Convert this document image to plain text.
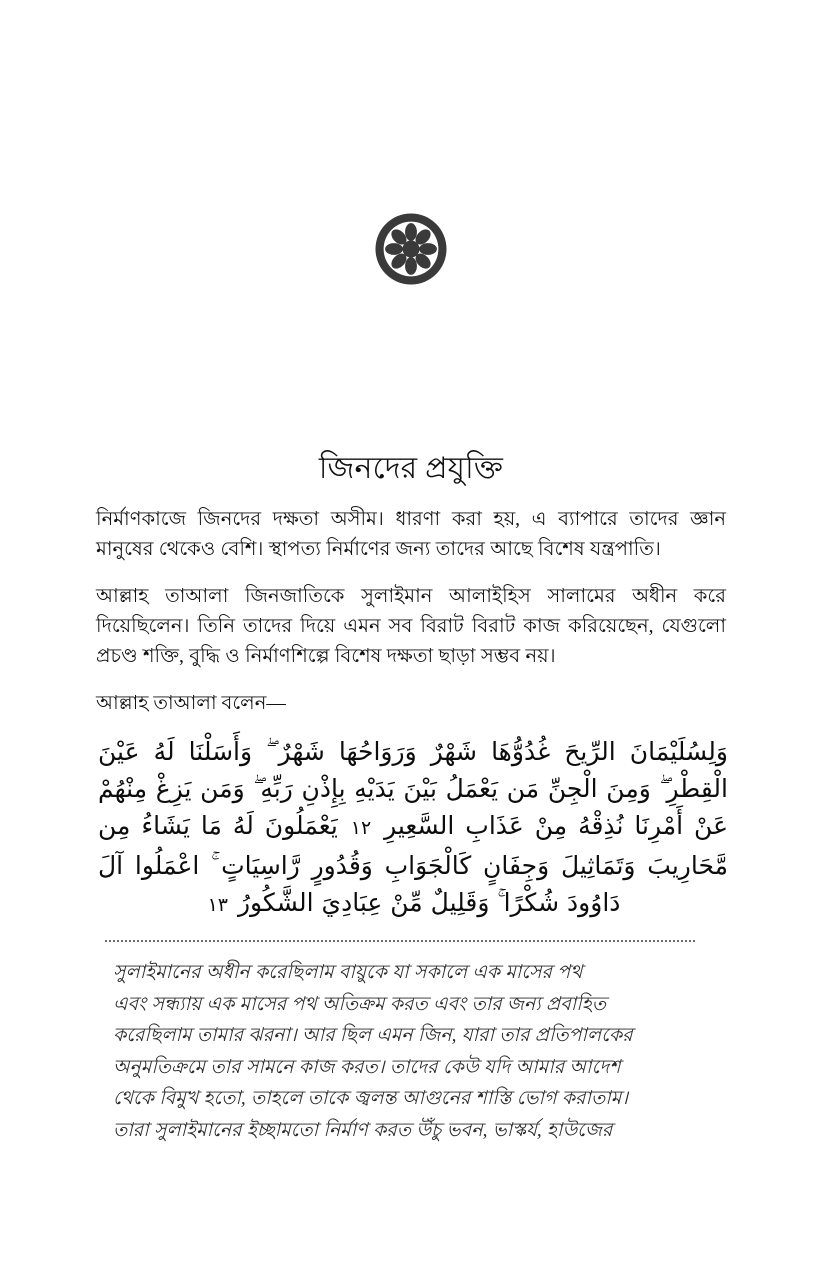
জিনদের প্রযুক্তি

নির্মাণকাজে জিনদের দক্ষতা অসীম। ধারণা করা হয়, এ ব্যাপারে তাদের জ্ঞান মানুষের থেকেও বেশি। স্থাপত্য নির্মাণের জন্য তাদের আছে বিশেষ যন্ত্রপাতি।

আল্লাহ তাআলা জিনজাতিকে সুলাইমান আলাইহিস সালামের অধীন করে দিয়েছিলেন। তিনি তাদের দিয়ে এমন সব বিরাট বিরাট কাজ করিয়েছেন, যেগুলো প্রচণ্ড শক্তি, বুদ্ধি ও নির্মাণশিল্পে বিশেষ দক্ষতা ছাড়া সম্ভব নয়।

আল্লাহ তাআলা বলেন—

وَلِسُلَيْمَانَ الرِّيحَ غُدُوُّهَا شَهْرٌ وَرَوَاحُهَا شَهْرٌ ۖ وَأَسَلْنَا لَهُ عَيْنَ الْقِطْرِ ۖ وَمِنَ الْجِنِّ مَن يَعْمَلُ بَيْنَ يَدَيْهِ بِإِذْنِ رَبِّهِ ۖ وَمَن يَزِغْ مِنْهُمْ عَنْ أَمْرِنَا نُذِقْهُ مِنْ عَذَابِ السَّعِيرِ ١٢ يَعْمَلُونَ لَهُ مَا يَشَاءُ مِن مَّحَارِيبَ وَتَمَاثِيلَ وَجِفَانٍ كَالْجَوَابِ وَقُدُورٍ رَّاسِيَاتٍ ۚ اعْمَلُوا آلَ دَاوُودَ شُكْرًا ۚ وَقَلِيلٌ مِّنْ عِبَادِيَ الشَّكُورُ ١٣
সুলাইমানের অধীন করেছিলাম বায়ুকে যা সকালে এক মাসের পথ
এবং সন্ধ্যায় এক মাসের পথ অতিক্রম করত এবং তার জন্য প্রবাহিত
করেছিলাম তামার ঝরনা। আর ছিল এমন জিন, যারা তার প্রতিপালকের
অনুমতিক্রমে তার সামনে কাজ করত। তাদের কেউ যদি আমার আদেশ
থেকে বিমুখ হতো, তাহলে তাকে জ্বলন্ত আগুনের শাস্তি ভোগ করাতাম।
তারা সুলাইমানের ইচ্ছামতো নির্মাণ করত উঁচু ভবন, ভাস্কর্য, হাউজের
